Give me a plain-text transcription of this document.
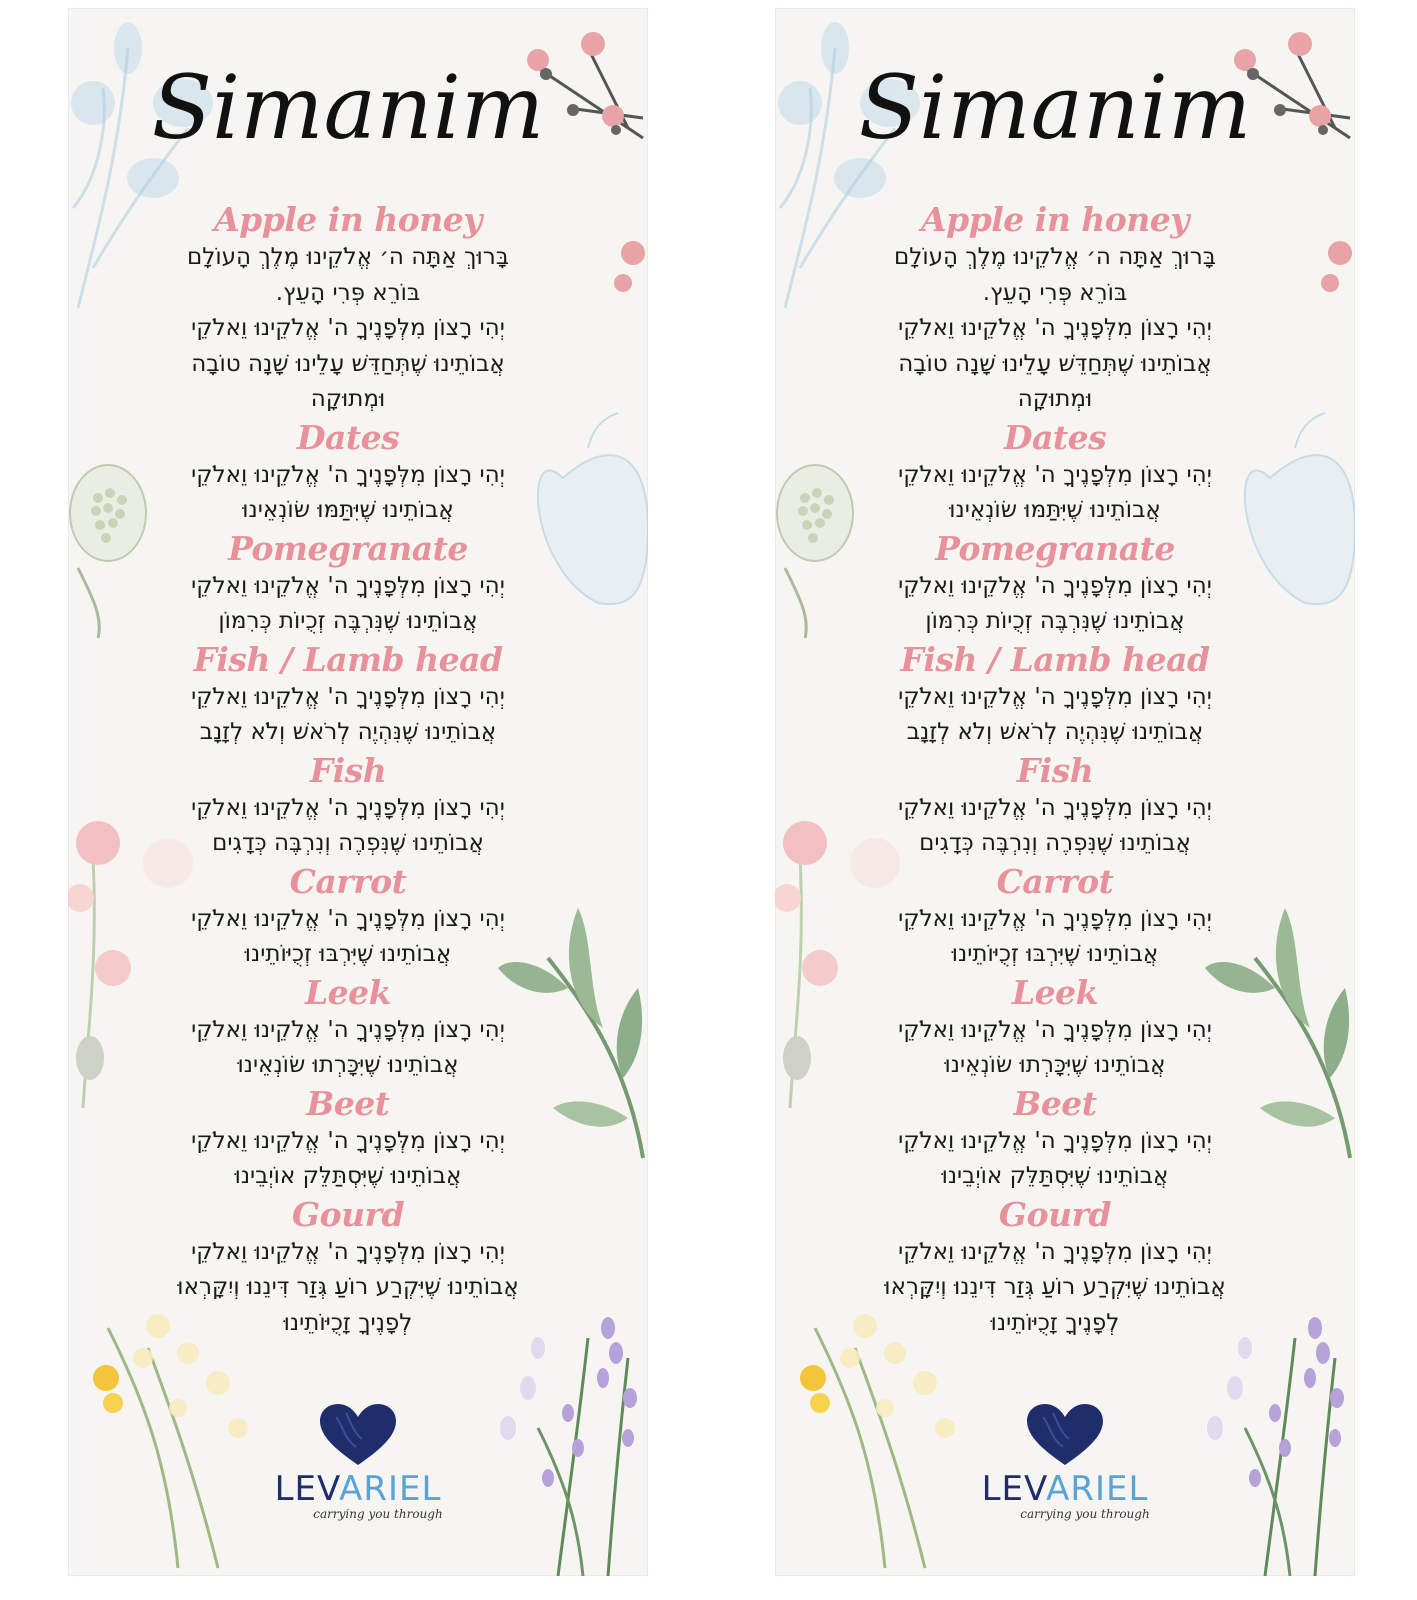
Simanim
Apple in honey
בָּרוּךְ אַתָּה ה׳ אֱלֹקֵינוּ מֶלֶךְ הָעוֹלָם
בּוֹרֵא פְּרִי הָעֵץ.
יְהִי רָצוֹן מִלְּפָנֶיךָ ה' אֱלֹקֵינוּ וֵאלֹקֵי
אֲבוֹתֵינוּ שֶׁתְּחַדֵּשׁ עָלֵינוּ שָׁנָה טוֹבָה
וּמְתוּקָה
Dates
יְהִי רָצוֹן מִלְּפָנֶיךָ ה' אֱלֹקֵינוּ וֵאלֹקֵי
אֲבוֹתֵינוּ שֶׁיִּתַּמּוּ שׂוֹנְאֵינוּ
Pomegranate
יְהִי רָצוֹן מִלְּפָנֶיךָ ה' אֱלֹקֵינוּ וֵאלֹקֵי
אֲבוֹתֵינוּ שֶׁנִּרְבֶּה זְכֻיוֹת כְּרִמּוֹן
Fish / Lamb head
יְהִי רָצוֹן מִלְּפָנֶיךָ ה' אֱלֹקֵינוּ וֵאלֹקֵי
אֲבוֹתֵינוּ שֶׁנִּהְיֶה לְרֹאשׁ וְלֹא לְזָנָב
Fish
יְהִי רָצוֹן מִלְּפָנֶיךָ ה' אֱלֹקֵינוּ וֵאלֹקֵי
אֲבוֹתֵינוּ שֶׁנִּפְרֶה וְנִרְבֶּה כְּדָגִים
Carrot
יְהִי רָצוֹן מִלְּפָנֶיךָ ה' אֱלֹקֵינוּ וֵאלֹקֵי
אֲבוֹתֵינוּ שֶׁיִּרְבּוּ זְכֻיּוֹתֵינוּ
Leek
יְהִי רָצוֹן מִלְּפָנֶיךָ ה' אֱלֹקֵינוּ וֵאלֹקֵי
אֲבוֹתֵינוּ שֶׁיִּכָּרְתוּ שׂוֹנְאֵינוּ
Beet
יְהִי רָצוֹן מִלְּפָנֶיךָ ה' אֱלֹקֵינוּ וֵאלֹקֵי
אֲבוֹתֵינוּ שֶׁיִּסְתַּלֵּק אוֹיְבֵינוּ
Gourd
יְהִי רָצוֹן מִלְּפָנֶיךָ ה' אֱלֹקֵינוּ וֵאלֹקֵי
אֲבוֹתֵינוּ שֶׁיִּקְרַע רוֹעַ גְּזַר דִּינֵנוּ וְיִקָּרְאוּ
לְפָנֶיךָ זָכֻיּוֹתֵינוּ
LEVARIEL
carrying you through
Simanim
Apple in honey
בָּרוּךְ אַתָּה ה׳ אֱלֹקֵינוּ מֶלֶךְ הָעוֹלָם
בּוֹרֵא פְּרִי הָעֵץ.
יְהִי רָצוֹן מִלְּפָנֶיךָ ה' אֱלֹקֵינוּ וֵאלֹקֵי
אֲבוֹתֵינוּ שֶׁתְּחַדֵּשׁ עָלֵינוּ שָׁנָה טוֹבָה
וּמְתוּקָה
Dates
יְהִי רָצוֹן מִלְּפָנֶיךָ ה' אֱלֹקֵינוּ וֵאלֹקֵי
אֲבוֹתֵינוּ שֶׁיִּתַּמּוּ שׂוֹנְאֵינוּ
Pomegranate
יְהִי רָצוֹן מִלְּפָנֶיךָ ה' אֱלֹקֵינוּ וֵאלֹקֵי
אֲבוֹתֵינוּ שֶׁנִּרְבֶּה זְכֻיוֹת כְּרִמּוֹן
Fish / Lamb head
יְהִי רָצוֹן מִלְּפָנֶיךָ ה' אֱלֹקֵינוּ וֵאלֹקֵי
אֲבוֹתֵינוּ שֶׁנִּהְיֶה לְרֹאשׁ וְלֹא לְזָנָב
Fish
יְהִי רָצוֹן מִלְּפָנֶיךָ ה' אֱלֹקֵינוּ וֵאלֹקֵי
אֲבוֹתֵינוּ שֶׁנִּפְרֶה וְנִרְבֶּה כְּדָגִים
Carrot
יְהִי רָצוֹן מִלְּפָנֶיךָ ה' אֱלֹקֵינוּ וֵאלֹקֵי
אֲבוֹתֵינוּ שֶׁיִּרְבּוּ זְכֻיּוֹתֵינוּ
Leek
יְהִי רָצוֹן מִלְּפָנֶיךָ ה' אֱלֹקֵינוּ וֵאלֹקֵי
אֲבוֹתֵינוּ שֶׁיִּכָּרְתוּ שׂוֹנְאֵינוּ
Beet
יְהִי רָצוֹן מִלְּפָנֶיךָ ה' אֱלֹקֵינוּ וֵאלֹקֵי
אֲבוֹתֵינוּ שֶׁיִּסְתַּלֵּק אוֹיְבֵינוּ
Gourd
יְהִי רָצוֹן מִלְּפָנֶיךָ ה' אֱלֹקֵינוּ וֵאלֹקֵי
אֲבוֹתֵינוּ שֶׁיִּקְרַע רוֹעַ גְּזַר דִּינֵנוּ וְיִקָּרְאוּ
לְפָנֶיךָ זָכֻיּוֹתֵינוּ
LEVARIEL
carrying you through
